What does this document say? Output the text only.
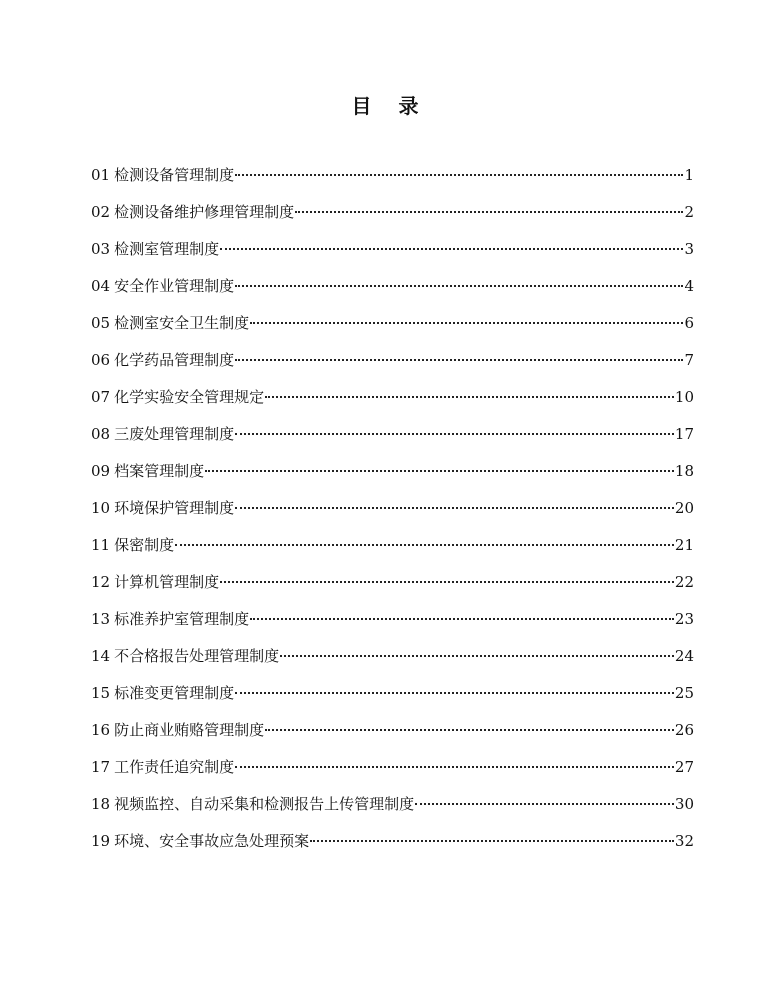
目 录
01 检测设备管理制度	1
02 检测设备维护修理管理制度	2
03 检测室管理制度	3
04 安全作业管理制度	4
05 检测室安全卫生制度	6
06 化学药品管理制度	7
07 化学实验安全管理规定	10
08 三废处理管理制度	17
09 档案管理制度	18
10 环境保护管理制度	20
11 保密制度	21
12 计算机管理制度	22
13 标准养护室管理制度	23
14 不合格报告处理管理制度	24
15 标准变更管理制度	25
16 防止商业贿赂管理制度	26
17 工作责任追究制度	27
18 视频监控、自动采集和检测报告上传管理制度	30
19 环境、安全事故应急处理预案	32
